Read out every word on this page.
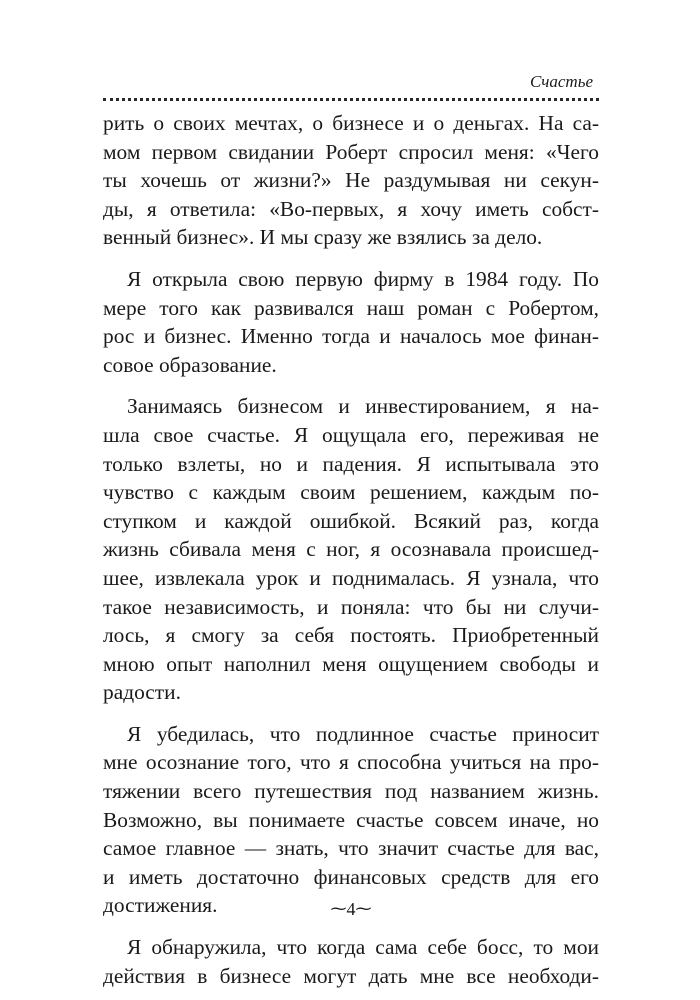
Счастье

рить о своих мечтах, о бизнесе и о деньгах. На са-
мом первом свидании Роберт спросил меня: «Чего
ты хочешь от жизни?» Не раздумывая ни секун-
ды, я ответила: «Во-первых, я хочу иметь собст-
венный бизнес». И мы сразу же взялись за дело.

Я открыла свою первую фирму в 1984 году. По
мере того как развивался наш роман с Робертом,
рос и бизнес. Именно тогда и началось мое финан-
совое образование.

Занимаясь бизнесом и инвестированием, я на-
шла свое счастье. Я ощущала его, переживая не
только взлеты, но и падения. Я испытывала это
чувство с каждым своим решением, каждым по-
ступком и каждой ошибкой. Всякий раз, когда
жизнь сбивала меня с ног, я осознавала происшед-
шее, извлекала урок и поднималась. Я узнала, что
такое независимость, и поняла: что бы ни случи-
лось, я смогу за себя постоять. Приобретенный
мною опыт наполнил меня ощущением свободы и
радости.

Я убедилась, что подлинное счастье приносит
мне осознание того, что я способна учиться на про-
тяжении всего путешествия под названием жизнь.
Возможно, вы понимаете счастье совсем иначе, но
самое главное — знать, что значит счастье для вас,
и иметь достаточно финансовых средств для его
достижения.

Я обнаружила, что когда сама себе босс, то мои
действия в бизнесе могут дать мне все необходи-

⁓4⁓
